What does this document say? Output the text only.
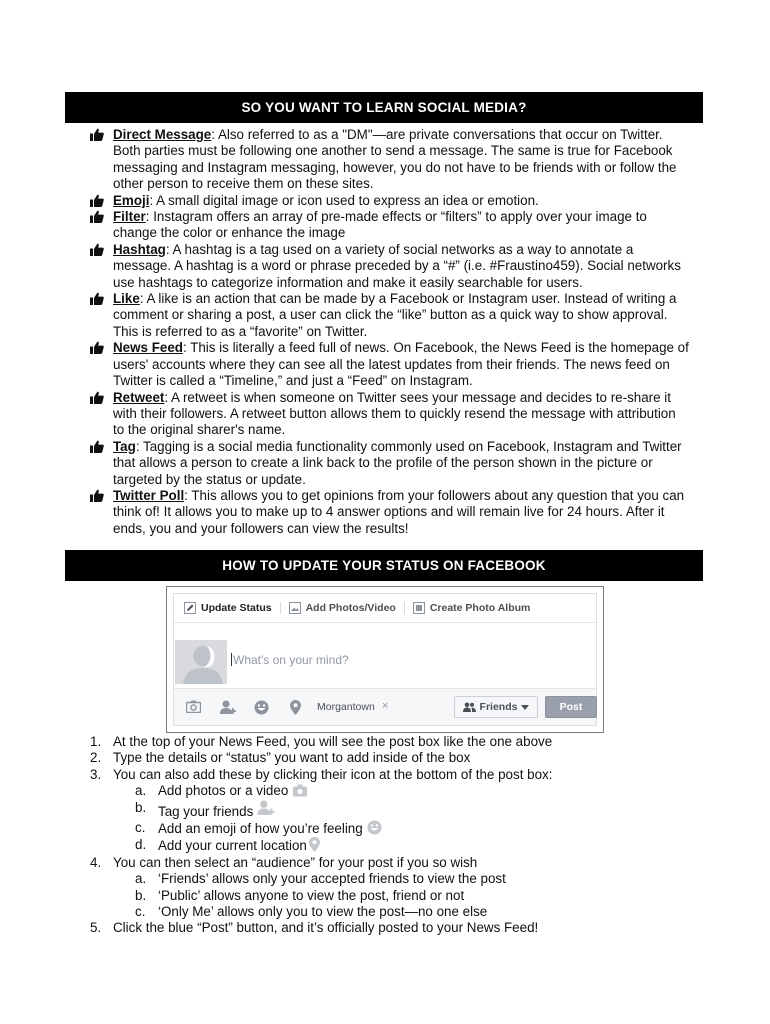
SO YOU WANT TO LEARN SOCIAL MEDIA?
Direct Message: Also referred to as a "DM"—are private conversations that occur on Twitter. Both parties must be following one another to send a message. The same is true for Facebook messaging and Instagram messaging, however, you do not have to be friends with or follow the other person to receive them on these sites.
Emoji: A small digital image or icon used to express an idea or emotion.
Filter: Instagram offers an array of pre-made effects or “filters” to apply over your image to change the color or enhance the image
Hashtag: A hashtag is a tag used on a variety of social networks as a way to annotate a message. A hashtag is a word or phrase preceded by a “#” (i.e. #Fraustino459). Social networks use hashtags to categorize information and make it easily searchable for users.
Like: A like is an action that can be made by a Facebook or Instagram user. Instead of writing a comment or sharing a post, a user can click the “like” button as a quick way to show approval. This is referred to as a “favorite” on Twitter.
News Feed: This is literally a feed full of news. On Facebook, the News Feed is the homepage of users' accounts where they can see all the latest updates from their friends. The news feed on Twitter is called a “Timeline,” and just a “Feed” on Instagram.
Retweet: A retweet is when someone on Twitter sees your message and decides to re-share it with their followers. A retweet button allows them to quickly resend the message with attribution to the original sharer's name.
Tag: Tagging is a social media functionality commonly used on Facebook, Instagram and Twitter that allows a person to create a link back to the profile of the person shown in the picture or targeted by the status or update.
Twitter Poll: This allows you to get opinions from your followers about any question that you can think of! It allows you to make up to 4 answer options and will remain live for 24 hours. After it ends, you and your followers can view the results!
HOW TO UPDATE YOUR STATUS ON FACEBOOK
Update Status	Add Photos/Video	Create Photo Album
What's on your mind?
Morgantown ×	Friends	Post
1. At the top of your News Feed, you will see the post box like the one above
2. Type the details or “status” you want to add inside of the box
3. You can also add these by clicking their icon at the bottom of the post box:
a. Add photos or a video
b. Tag your friends
c. Add an emoji of how you’re feeling
d. Add your current location
4. You can then select an “audience” for your post if you so wish
a. ‘Friends’ allows only your accepted friends to view the post
b. ‘Public’ allows anyone to view the post, friend or not
c. ‘Only Me’ allows only you to view the post—no one else
5. Click the blue “Post” button, and it’s officially posted to your News Feed!
